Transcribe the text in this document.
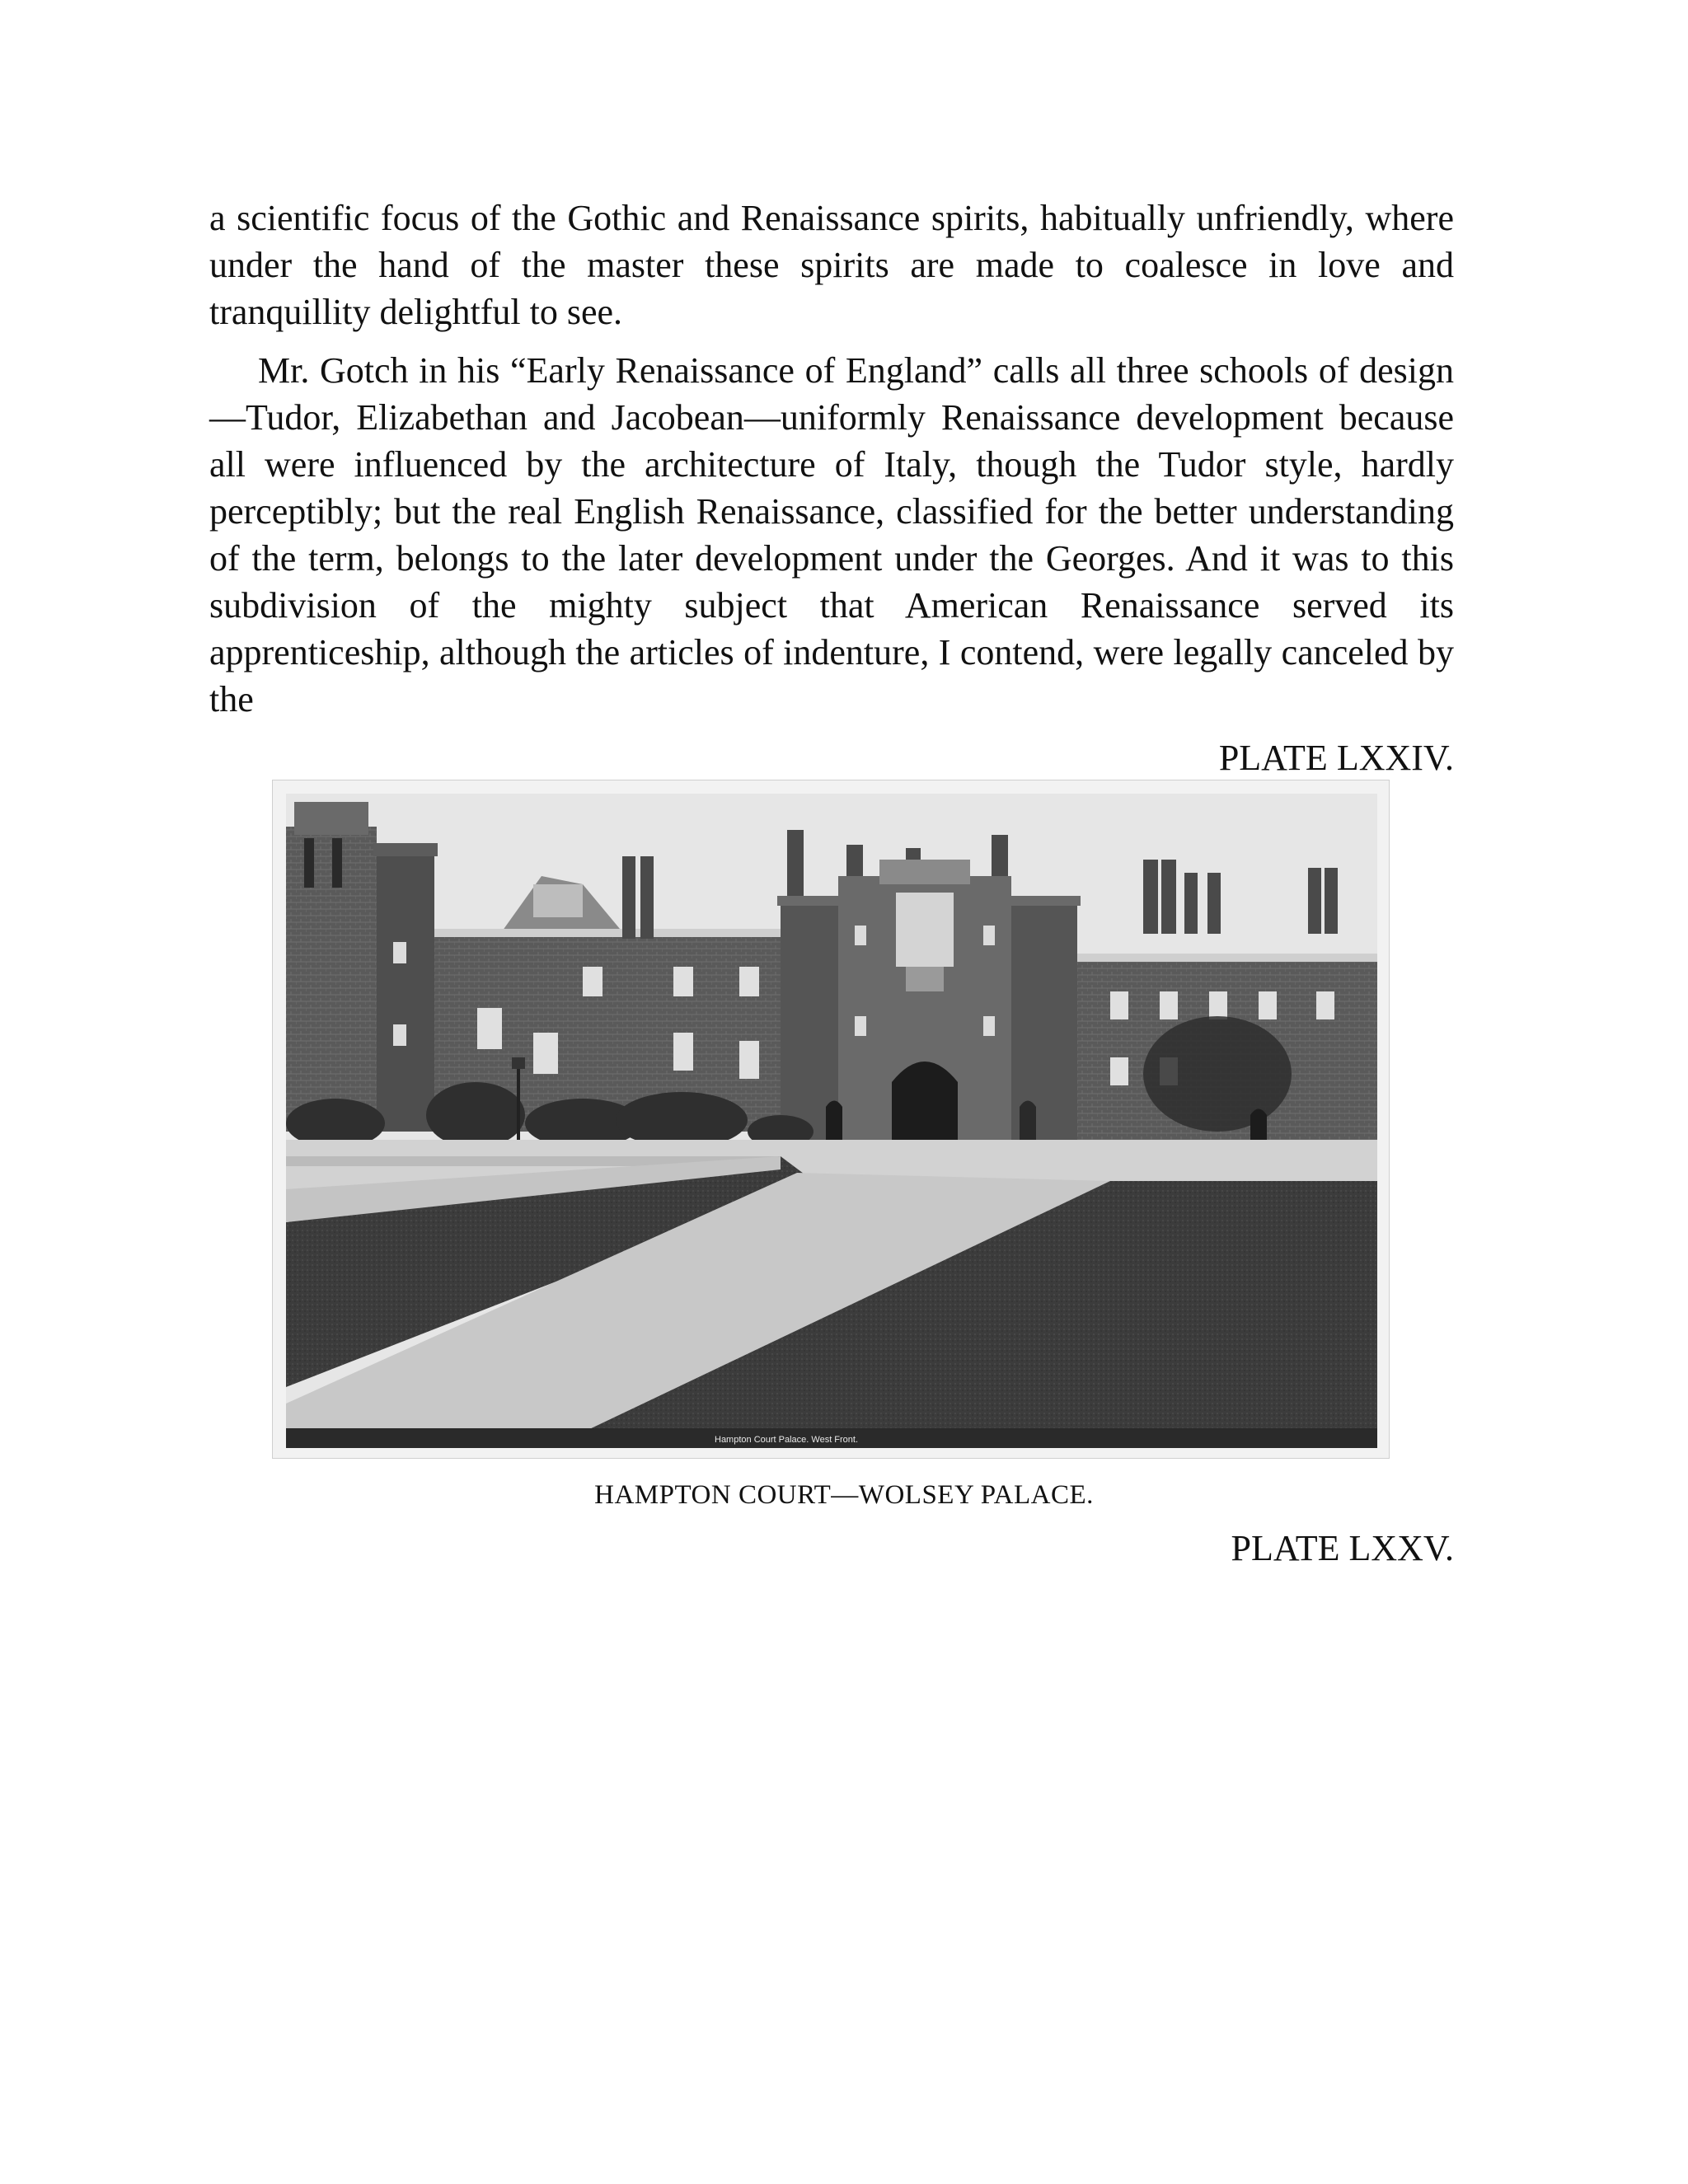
a scientific focus of the Gothic and Renaissance spirits, habitually unfriendly, where under the hand of the master these spirits are made to coalesce in love and tranquillity delightful to see.

Mr. Gotch in his “Early Renaissance of England” calls all three schools of design—Tudor, Elizabethan and Jacobean—uniformly Renaissance development because all were influenced by the architecture of Italy, though the Tudor style, hardly perceptibly; but the real English Renaissance, classified for the better understanding of the term, belongs to the later development under the Georges. And it was to this subdivision of the mighty subject that American Renaissance served its apprenticeship, although the articles of indenture, I contend, were legally canceled by the

PLATE LXXIV.
Hampton Court Palace. West Front.
HAMPTON COURT—WOLSEY PALACE.
PLATE LXXV.
